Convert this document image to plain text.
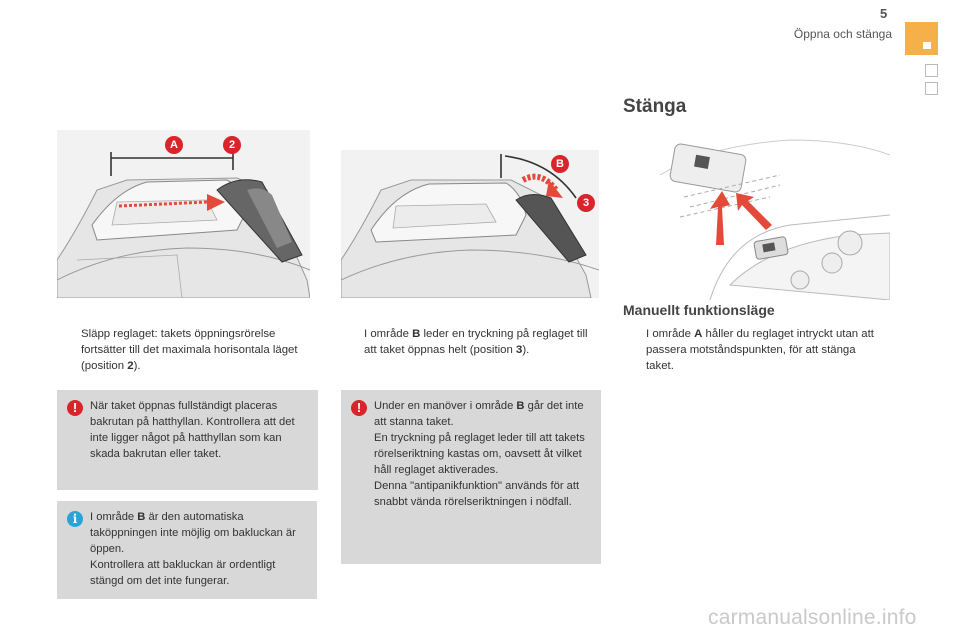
5
Öppna och stänga
A	2
B
3
Släpp reglaget: takets öppningsrörelse fortsätter till det maximala horisontala läget (position 2).
!	När taket öppnas fullständigt placeras bakrutan på hatthyllan. Kontrollera att det inte ligger något på hatthyllan som kan skada bakrutan eller taket.
i	I område B är den automatiska taköppningen inte möjlig om bakluckan är öppen.
Kontrollera att bakluckan är ordentligt stängd om det inte fungerar.
I område B leder en tryckning på reglaget till att taket öppnas helt (position 3).
!	Under en manöver i område B går det inte att stanna taket.
En tryckning på reglaget leder till att takets rörelseriktning kastas om, oavsett åt vilket håll reglaget aktiverades.
Denna "antipanikfunktion" används för att snabbt vända rörelseriktningen i nödfall.
Stänga
Manuellt funktionsläge
I område A håller du reglaget intryckt utan att passera motståndspunkten, för att stänga taket.
carmanualsonline.info
